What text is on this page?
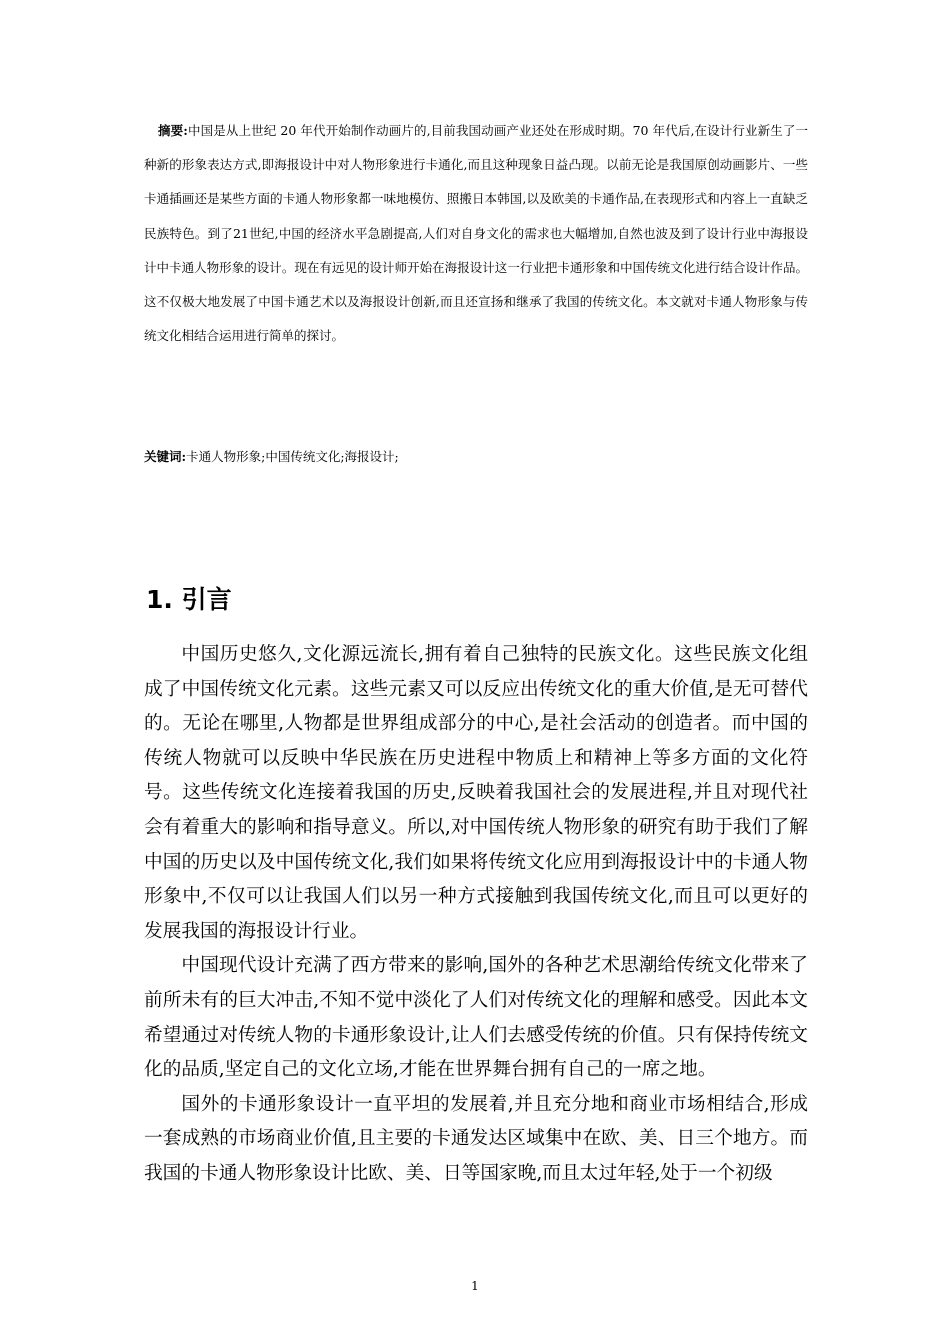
摘要:中国是从上世纪 20 年代开始制作动画片的,目前我国动画产业还处在形成时期。70 年代后,在设计行业新生了一种新的形象表达方式,即海报设计中对人物形象进行卡通化,而且这种现象日益凸现。以前无论是我国原创动画影片、一些卡通插画还是某些方面的卡通人物形象都一味地模仿、照搬日本韩国,以及欧美的卡通作品,在表现形式和内容上一直缺乏民族特色。到了21世纪,中国的经济水平急剧提高,人们对自身文化的需求也大幅增加,自然也波及到了设计行业中海报设计中卡通人物形象的设计。现在有远见的设计师开始在海报设计这一行业把卡通形象和中国传统文化进行结合设计作品。这不仅极大地发展了中国卡通艺术以及海报设计创新,而且还宣扬和继承了我国的传统文化。本文就对卡通人物形象与传统文化相结合运用进行简单的探讨。
关键词:卡通人物形象;中国传统文化;海报设计;
1. 引言

中国历史悠久,文化源远流长,拥有着自己独特的民族文化。这些民族文化组成了中国传统文化元素。这些元素又可以反应出传统文化的重大价值,是无可替代的。无论在哪里,人物都是世界组成部分的中心,是社会活动的创造者。而中国的传统人物就可以反映中华民族在历史进程中物质上和精神上等多方面的文化符号。这些传统文化连接着我国的历史,反映着我国社会的发展进程,并且对现代社会有着重大的影响和指导意义。所以,对中国传统人物形象的研究有助于我们了解中国的历史以及中国传统文化,我们如果将传统文化应用到海报设计中的卡通人物形象中,不仅可以让我国人们以另一种方式接触到我国传统文化,而且可以更好的发展我国的海报设计行业。

中国现代设计充满了西方带来的影响,国外的各种艺术思潮给传统文化带来了前所未有的巨大冲击,不知不觉中淡化了人们对传统文化的理解和感受。因此本文希望通过对传统人物的卡通形象设计,让人们去感受传统的价值。只有保持传统文化的品质,坚定自己的文化立场,才能在世界舞台拥有自己的一席之地。

国外的卡通形象设计一直平坦的发展着,并且充分地和商业市场相结合,形成一套成熟的市场商业价值,且主要的卡通发达区域集中在欧、美、日三个地方。而我国的卡通人物形象设计比欧、美、日等国家晚,而且太过年轻,处于一个初级

1
